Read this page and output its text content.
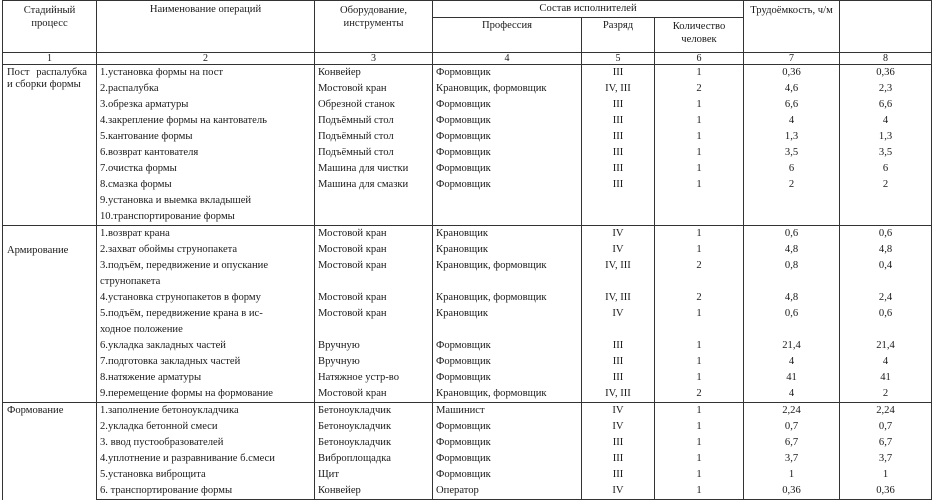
Стадийный процесс	Наименование операций	Оборудование, инструменты	Состав исполнителей			Трудоёмкость, ч/м	
			Профессия	Разряд	Количество человек		
1	2	3	4	5	6	7	8

Пост распалубка и сборки формы	1.установка формы на пост	Конвейер	Формовщик	III	1	0,36	0,36
	2.распалубка	Мостовой кран	Крановщик, формовщик	IV, III	2	4,6	2,3
	3.обрезка арматуры	Обрезной станок	Формовщик	III	1	6,6	6,6
	4.закрепление формы на кантователь	Подъёмный стол	Формовщик	III	1	4	4
	5.кантование формы	Подъёмный стол	Формовщик	III	1	1,3	1,3
	6.возврат кантователя	Подъёмный стол	Формовщик	III	1	3,5	3,5
	7.очистка формы	Машина для чистки	Формовщик	III	1	6	6
	8.смазка формы	Машина для смазки	Формовщик	III	1	2	2
	9.установка и выемка вкладышей						
	10.транспортирование формы						

Армирование	1.возврат крана	Мостовой кран	Крановщик	IV	1	0,6	0,6
	2.захват обоймы струнопакета	Мостовой кран	Крановщик	IV	1	4,8	4,8
	3.подъём, передвижение и опускание	Мостовой кран	Крановщик, формовщик	IV, III	2	0,8	0,4
	струнопакета						
	4.установка струнопакетов в форму	Мостовой кран	Крановщик, формовщик	IV, III	2	4,8	2,4
	5.подъём, передвижение крана в ис-	Мостовой кран	Крановщик	IV	1	0,6	0,6
	ходное положение						
	6.укладка закладных частей	Вручную	Формовщик	III	1	21,4	21,4
	7.подготовка закладных частей	Вручную	Формовщик	III	1	4	4
	8.натяжение арматуры	Натяжное устр-во	Формовщик	III	1	41	41
	9.перемещение формы на формование	Мостовой кран	Крановщик, формовщик	IV, III	2	4	2

Формование	1.заполнение бетоноукладчика	Бетоноукладчик	Машинист	IV	1	2,24	2,24
	2.укладка бетонной смеси	Бетоноукладчик	Формовщик	IV	1	0,7	0,7
	3. ввод пустообразователей	Бетоноукладчик	Формовщик	III	1	6,7	6,7
	4.уплотнение и разравнивание б.смеси	Виброплощадка	Формовщик	III	1	3,7	3,7
	5.установка виброщита	Щит	Формовщик	III	1	1	1
	6. транспортирование формы	Конвейер	Оператор	IV	1	0,36	0,36
